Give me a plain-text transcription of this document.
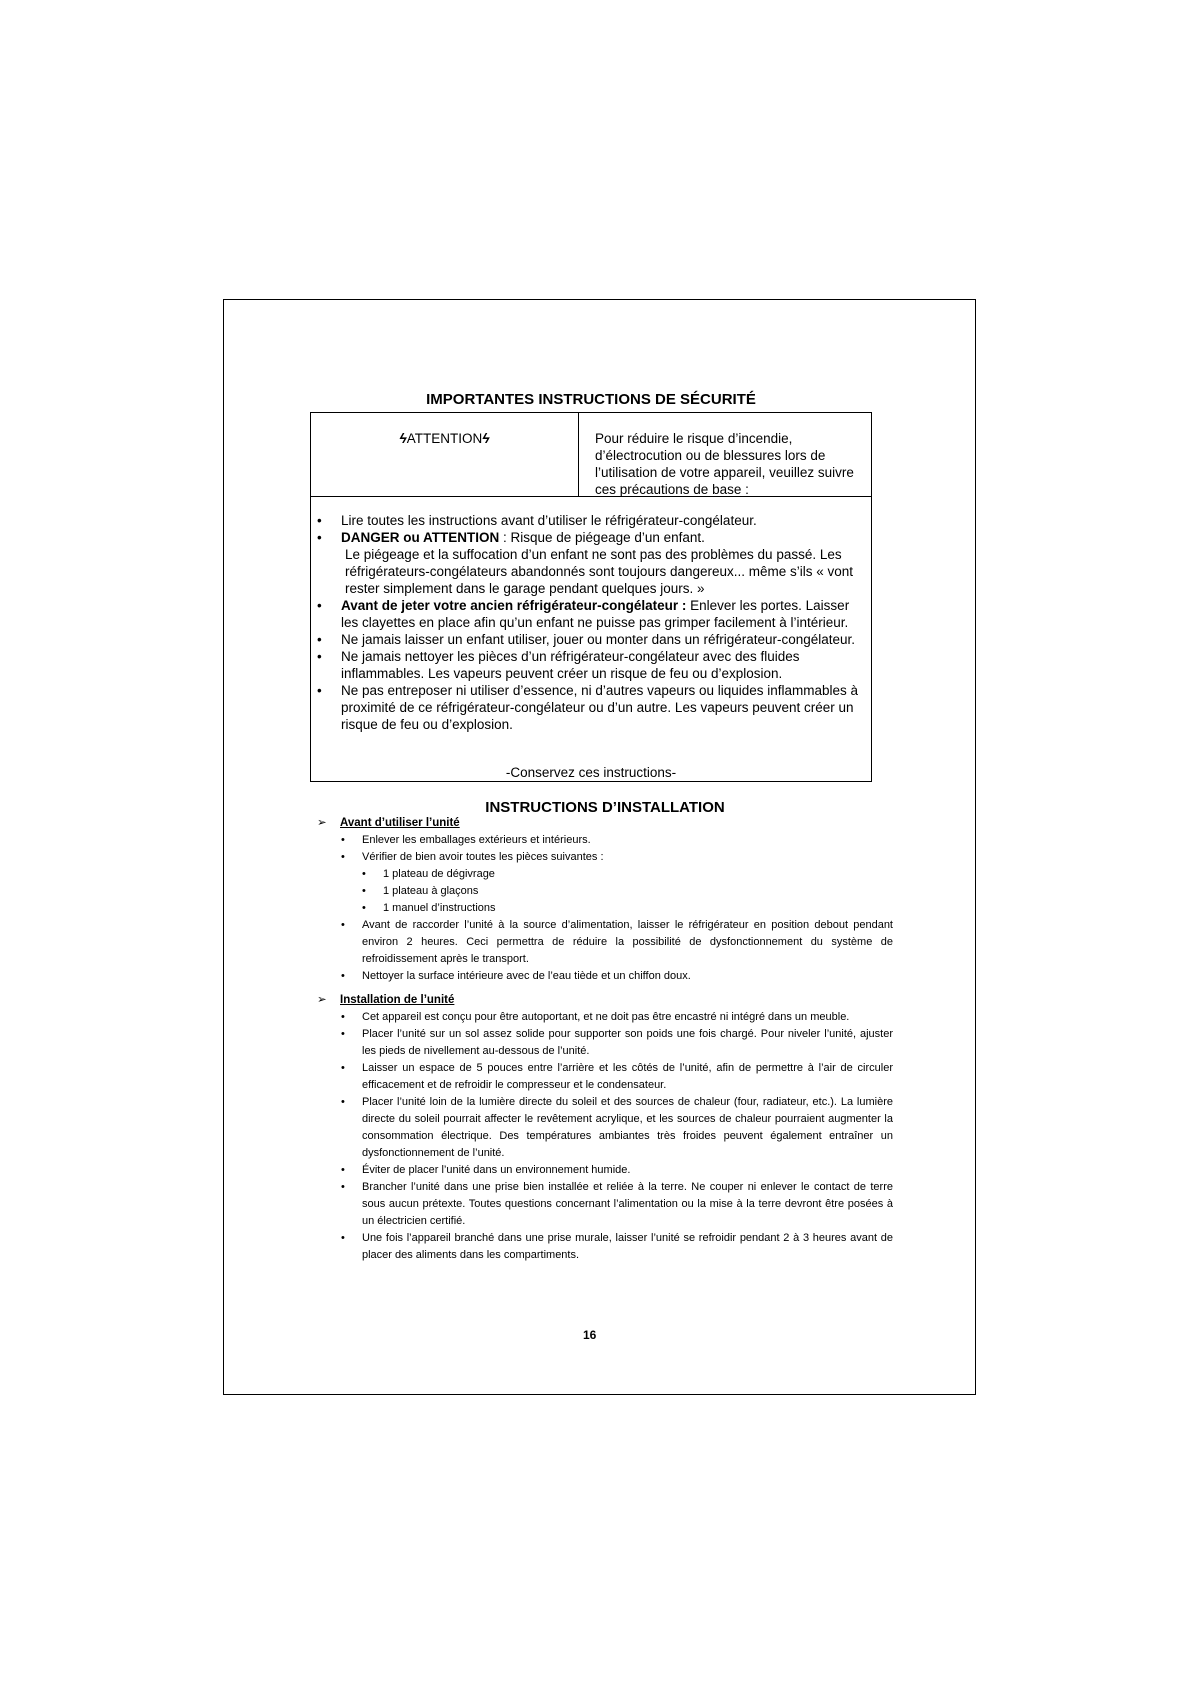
IMPORTANTES INSTRUCTIONS DE SÉCURITÉ
ϟATTENTIONϟ	Pour réduire le risque d’incendie, d’électrocution ou de blessures lors de l’utilisation de votre appareil, veuillez suivre ces précautions de base :
• Lire toutes les instructions avant d’utiliser le réfrigérateur-congélateur.
• DANGER ou ATTENTION : Risque de piégeage d’un enfant.
Le piégeage et la suffocation d’un enfant ne sont pas des problèmes du passé. Les réfrigérateurs-congélateurs abandonnés sont toujours dangereux... même s’ils « vont rester simplement dans le garage pendant quelques jours. »
• Avant de jeter votre ancien réfrigérateur-congélateur : Enlever les portes. Laisser les clayettes en place afin qu’un enfant ne puisse pas grimper facilement à l’intérieur.
• Ne jamais laisser un enfant utiliser, jouer ou monter dans un réfrigérateur-congélateur.
• Ne jamais nettoyer les pièces d’un réfrigérateur-congélateur avec des fluides inflammables. Les vapeurs peuvent créer un risque de feu ou d’explosion.
• Ne pas entreposer ni utiliser d’essence, ni d’autres vapeurs ou liquides inflammables à proximité de ce réfrigérateur-congélateur ou d’un autre. Les vapeurs peuvent créer un risque de feu ou d’explosion.
-Conservez ces instructions-
INSTRUCTIONS D’INSTALLATION
➢ Avant d’utiliser l’unité
• Enlever les emballages extérieurs et intérieurs.
• Vérifier de bien avoir toutes les pièces suivantes :
• 1 plateau de dégivrage
• 1 plateau à glaçons
• 1 manuel d’instructions
• Avant de raccorder l’unité à la source d’alimentation, laisser le réfrigérateur en position debout pendant environ 2 heures. Ceci permettra de réduire la possibilité de dysfonctionnement du système de refroidissement après le transport.
• Nettoyer la surface intérieure avec de l’eau tiède et un chiffon doux.
➢ Installation de l’unité
• Cet appareil est conçu pour être autoportant, et ne doit pas être encastré ni intégré dans un meuble.
• Placer l’unité sur un sol assez solide pour supporter son poids une fois chargé. Pour niveler l’unité, ajuster les pieds de nivellement au-dessous de l’unité.
• Laisser un espace de 5 pouces entre l’arrière et les côtés de l’unité, afin de permettre à l’air de circuler efficacement et de refroidir le compresseur et le condensateur.
• Placer l’unité loin de la lumière directe du soleil et des sources de chaleur (four, radiateur, etc.). La lumière directe du soleil pourrait affecter le revêtement acrylique, et les sources de chaleur pourraient augmenter la consommation électrique. Des températures ambiantes très froides peuvent également entraîner un dysfonctionnement de l’unité.
• Éviter de placer l’unité dans un environnement humide.
• Brancher l’unité dans une prise bien installée et reliée à la terre. Ne couper ni enlever le contact de terre sous aucun prétexte. Toutes questions concernant l’alimentation ou la mise à la terre devront être posées à un électricien certifié.
• Une fois l’appareil branché dans une prise murale, laisser l’unité se refroidir pendant 2 à 3 heures avant de placer des aliments dans les compartiments.
16
